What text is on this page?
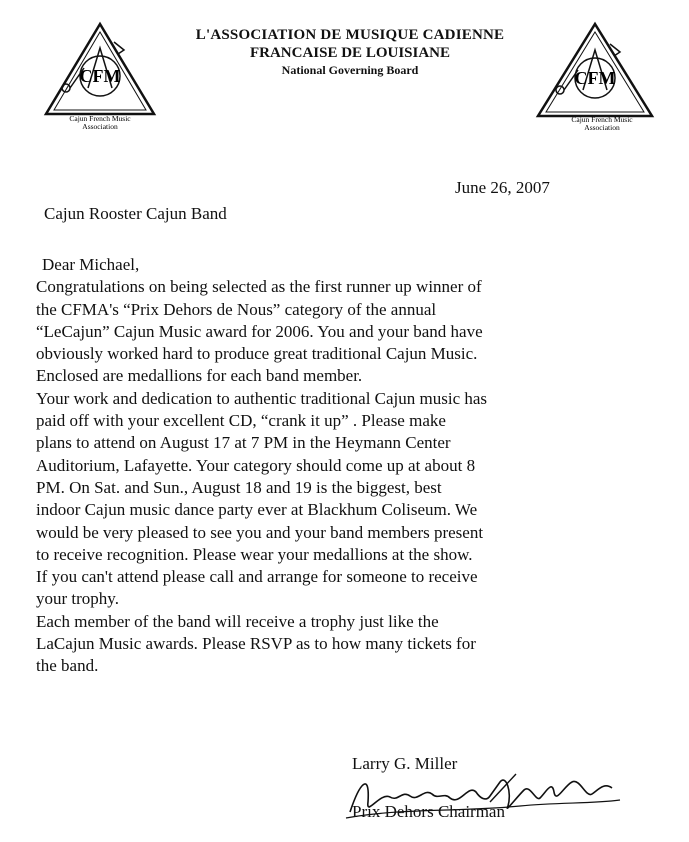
CFM
Cajun French Music
Association
L'ASSOCIATION DE MUSIQUE CADIENNE
FRANCAISE DE LOUISIANE
National Governing Board	CFM
Cajun French Music
Association
June 26, 2007
Cajun Rooster Cajun Band
Dear Michael,
Congratulations on being selected as the first runner up winner of
the CFMA's “Prix Dehors de Nous” category of the annual
“LeCajun” Cajun Music award for 2006. You and your band have
obviously worked hard to produce great traditional Cajun Music.
Enclosed are medallions for each band member.
Your work and dedication to authentic traditional Cajun music has
paid off with your excellent CD, “crank it up” . Please make
plans to attend on August 17 at 7 PM in the Heymann Center
Auditorium, Lafayette. Your category should come up at about 8
PM. On Sat. and Sun., August 18 and 19 is the biggest, best
indoor Cajun music dance party ever at Blackhum Coliseum. We
would be very pleased to see you and your band members present
to receive recognition. Please wear your medallions at the show.
If you can't attend please call and arrange for someone to receive
your trophy.
Each member of the band will receive a trophy just like the
LaCajun Music awards. Please RSVP as to how many tickets for
the band.
Larry G. Miller
Prix Dehors Chairman
